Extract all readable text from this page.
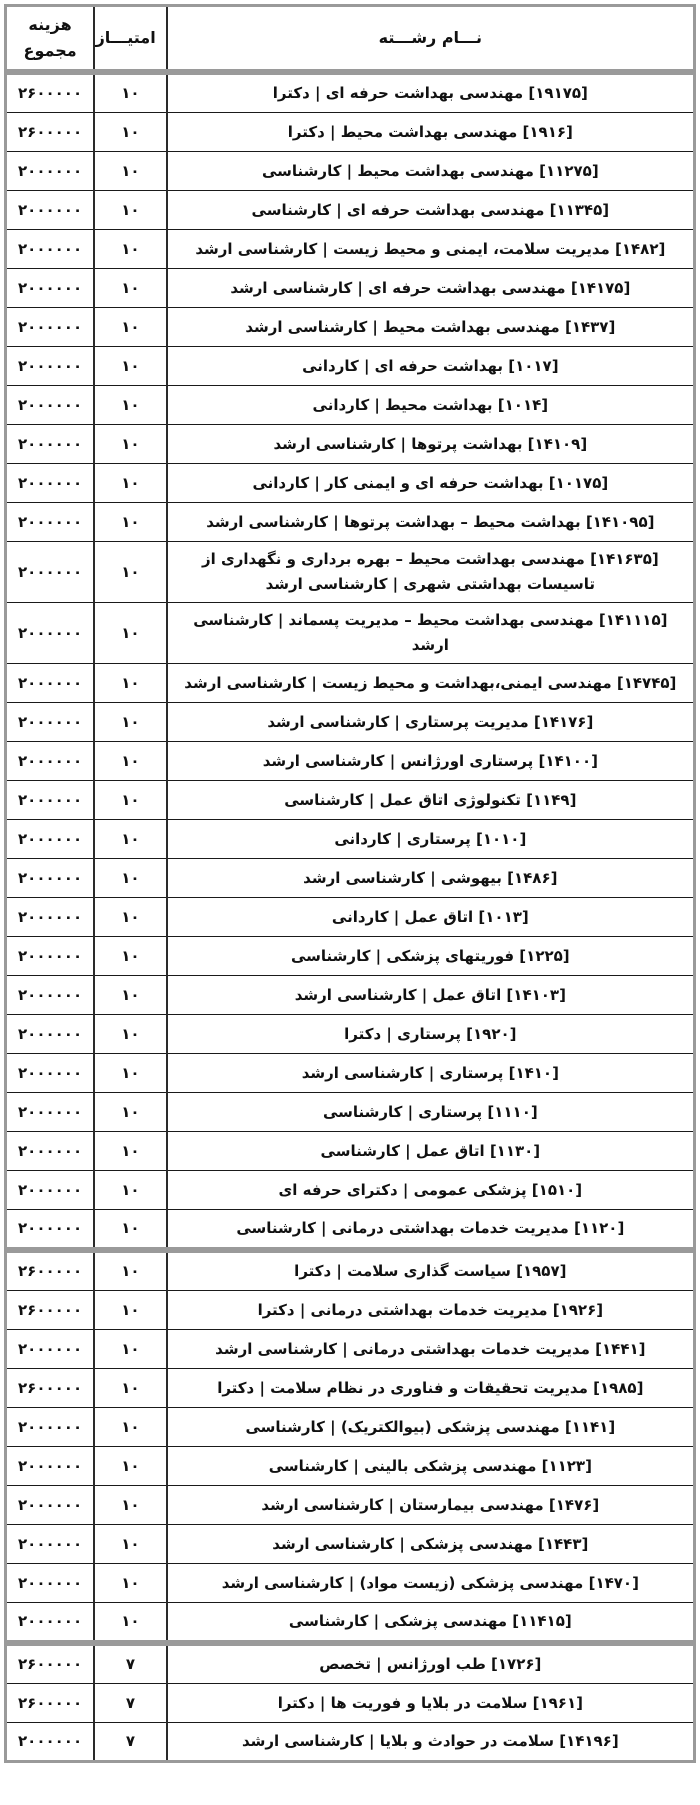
نـــام رشـــته	امتیـــاز	هزینه مجموع
[۱۹۱۷۵] مهندسی بهداشت حرفه ای | دکترا	۱۰	۲۶۰۰۰۰۰
[۱۹۱۶] مهندسی بهداشت محیط | دکترا	۱۰	۲۶۰۰۰۰۰
[۱۱۲۷۵] مهندسی بهداشت محیط | کارشناسی	۱۰	۲۰۰۰۰۰۰
[۱۱۳۴۵] مهندسی بهداشت حرفه ای | کارشناسی	۱۰	۲۰۰۰۰۰۰
[۱۴۸۲] مدیریت سلامت، ایمنی و محیط زیست | کارشناسی ارشد	۱۰	۲۰۰۰۰۰۰
[۱۴۱۷۵] مهندسی بهداشت حرفه ای | کارشناسی ارشد	۱۰	۲۰۰۰۰۰۰
[۱۴۳۷] مهندسی بهداشت محیط | کارشناسی ارشد	۱۰	۲۰۰۰۰۰۰
[۱۰۱۷] بهداشت حرفه ای | کاردانی	۱۰	۲۰۰۰۰۰۰
[۱۰۱۴] بهداشت محیط | کاردانی	۱۰	۲۰۰۰۰۰۰
[۱۴۱۰۹] بهداشت پرتوها | کارشناسی ارشد	۱۰	۲۰۰۰۰۰۰
[۱۰۱۷۵] بهداشت حرفه ای و ایمنی کار | کاردانی	۱۰	۲۰۰۰۰۰۰
[۱۴۱۰۹۵] بهداشت محیط – بهداشت پرتوها | کارشناسی ارشد	۱۰	۲۰۰۰۰۰۰
[۱۴۱۶۳۵] مهندسی بهداشت محیط – بهره برداری و نگهداری از تاسیسات بهداشتی شهری | کارشناسی ارشد	۱۰	۲۰۰۰۰۰۰
[۱۴۱۱۱۵] مهندسی بهداشت محیط – مدیریت پسماند | کارشناسی ارشد	۱۰	۲۰۰۰۰۰۰
[۱۴۷۴۵] مهندسی ایمنی،بهداشت و محیط زیست | کارشناسی ارشد	۱۰	۲۰۰۰۰۰۰
[۱۴۱۷۶] مدیریت پرستاری | کارشناسی ارشد	۱۰	۲۰۰۰۰۰۰
[۱۴۱۰۰] پرستاری اورژانس | کارشناسی ارشد	۱۰	۲۰۰۰۰۰۰
[۱۱۴۹] تکنولوژی اتاق عمل | کارشناسی	۱۰	۲۰۰۰۰۰۰
[۱۰۱۰] پرستاری | کاردانی	۱۰	۲۰۰۰۰۰۰
[۱۴۸۶] بیهوشی | کارشناسی ارشد	۱۰	۲۰۰۰۰۰۰
[۱۰۱۳] اتاق عمل | کاردانی	۱۰	۲۰۰۰۰۰۰
[۱۲۲۵] فوریتهای پزشکی | کارشناسی	۱۰	۲۰۰۰۰۰۰
[۱۴۱۰۳] اتاق عمل | کارشناسی ارشد	۱۰	۲۰۰۰۰۰۰
[۱۹۲۰] پرستاری | دکترا	۱۰	۲۰۰۰۰۰۰
[۱۴۱۰] پرستاری | کارشناسی ارشد	۱۰	۲۰۰۰۰۰۰
[۱۱۱۰] پرستاری | کارشناسی	۱۰	۲۰۰۰۰۰۰
[۱۱۳۰] اتاق عمل | کارشناسی	۱۰	۲۰۰۰۰۰۰
[۱۵۱۰] پزشکی عمومی | دکترای حرفه ای	۱۰	۲۰۰۰۰۰۰
[۱۱۲۰] مدیریت خدمات بهداشتی درمانی | کارشناسی	۱۰	۲۰۰۰۰۰۰
[۱۹۵۷] سیاست گذاری سلامت | دکترا	۱۰	۲۶۰۰۰۰۰
[۱۹۲۶] مدیریت خدمات بهداشتی درمانی | دکترا	۱۰	۲۶۰۰۰۰۰
[۱۴۴۱] مدیریت خدمات بهداشتی درمانی | کارشناسی ارشد	۱۰	۲۰۰۰۰۰۰
[۱۹۸۵] مدیریت تحقیقات و فناوری در نظام سلامت | دکترا	۱۰	۲۶۰۰۰۰۰
[۱۱۴۱] مهندسی پزشکی (بیوالکتریک) | کارشناسی	۱۰	۲۰۰۰۰۰۰
[۱۱۲۳] مهندسی پزشکی بالینی | کارشناسی	۱۰	۲۰۰۰۰۰۰
[۱۴۷۶] مهندسی بیمارستان | کارشناسی ارشد	۱۰	۲۰۰۰۰۰۰
[۱۴۴۳] مهندسی پزشکی | کارشناسی ارشد	۱۰	۲۰۰۰۰۰۰
[۱۴۷۰] مهندسی پزشکی (زیست مواد) | کارشناسی ارشد	۱۰	۲۰۰۰۰۰۰
[۱۱۴۱۵] مهندسی پزشکی | کارشناسی	۱۰	۲۰۰۰۰۰۰
[۱۷۲۶] طب اورژانس | تخصص	۷	۲۶۰۰۰۰۰
[۱۹۶۱] سلامت در بلایا و فوریت ها | دکترا	۷	۲۶۰۰۰۰۰
[۱۴۱۹۶] سلامت در حوادث و بلایا | کارشناسی ارشد	۷	۲۰۰۰۰۰۰
